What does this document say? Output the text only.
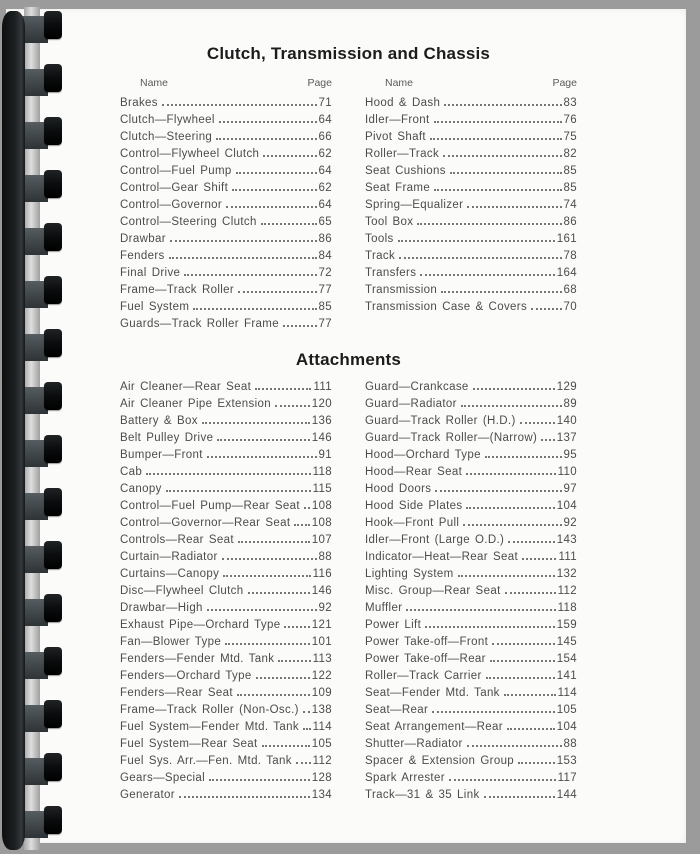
Clutch, Transmission and Chassis
Name	Page
Brakes	71
Clutch—Flywheel	64
Clutch—Steering	66
Control—Flywheel Clutch	62
Control—Fuel Pump	64
Control—Gear Shift	62
Control—Governor	64
Control—Steering Clutch	65
Drawbar	86
Fenders	84
Final Drive	72
Frame—Track Roller	77
Fuel System	85
Guards—Track Roller Frame	77
Name	Page
Hood & Dash	83
Idler—Front	76
Pivot Shaft	75
Roller—Track	82
Seat Cushions	85
Seat Frame	85
Spring—Equalizer	74
Tool Box	86
Tools	161
Track	78
Transfers	164
Transmission	68
Transmission Case & Covers	70
Attachments
Air Cleaner—Rear Seat	111
Air Cleaner Pipe Extension	120
Battery & Box	136
Belt Pulley Drive	146
Bumper—Front	91
Cab	118
Canopy	115
Control—Fuel Pump—Rear Seat 108
Control—Governor—Rear Seat 108
Controls—Rear Seat	107
Curtain—Radiator	88
Curtains—Canopy	116
Disc—Flywheel Clutch	146
Drawbar—High	92
Exhaust Pipe—Orchard Type	121
Fan—Blower Type	101
Fenders—Fender Mtd. Tank	113
Fenders—Orchard Type	122
Fenders—Rear Seat	109
Frame—Track Roller (Non-Osc.) 138
Fuel System—Fender Mtd. Tank 114
Fuel System—Rear Seat	105
Fuel Sys. Arr.—Fen. Mtd. Tank 112
Gears—Special	128
Generator	134
Guard—Crankcase	129
Guard—Radiator	89
Guard—Track Roller (H.D.)	140
Guard—Track Roller—(Narrow) 137
Hood—Orchard Type	95
Hood—Rear Seat	110
Hood Doors	97
Hood Side Plates	104
Hook—Front Pull	92
Idler—Front (Large O.D.)	143
Indicator—Heat—Rear Seat	111
Lighting System	132
Misc. Group—Rear Seat	112
Muffler	118
Power Lift	159
Power Take-off—Front	145
Power Take-off—Rear	154
Roller—Track Carrier	141
Seat—Fender Mtd. Tank	114
Seat—Rear	105
Seat Arrangement—Rear	104
Shutter—Radiator	88
Spacer & Extension Group	153
Spark Arrester	117
Track—31 & 35 Link	144
